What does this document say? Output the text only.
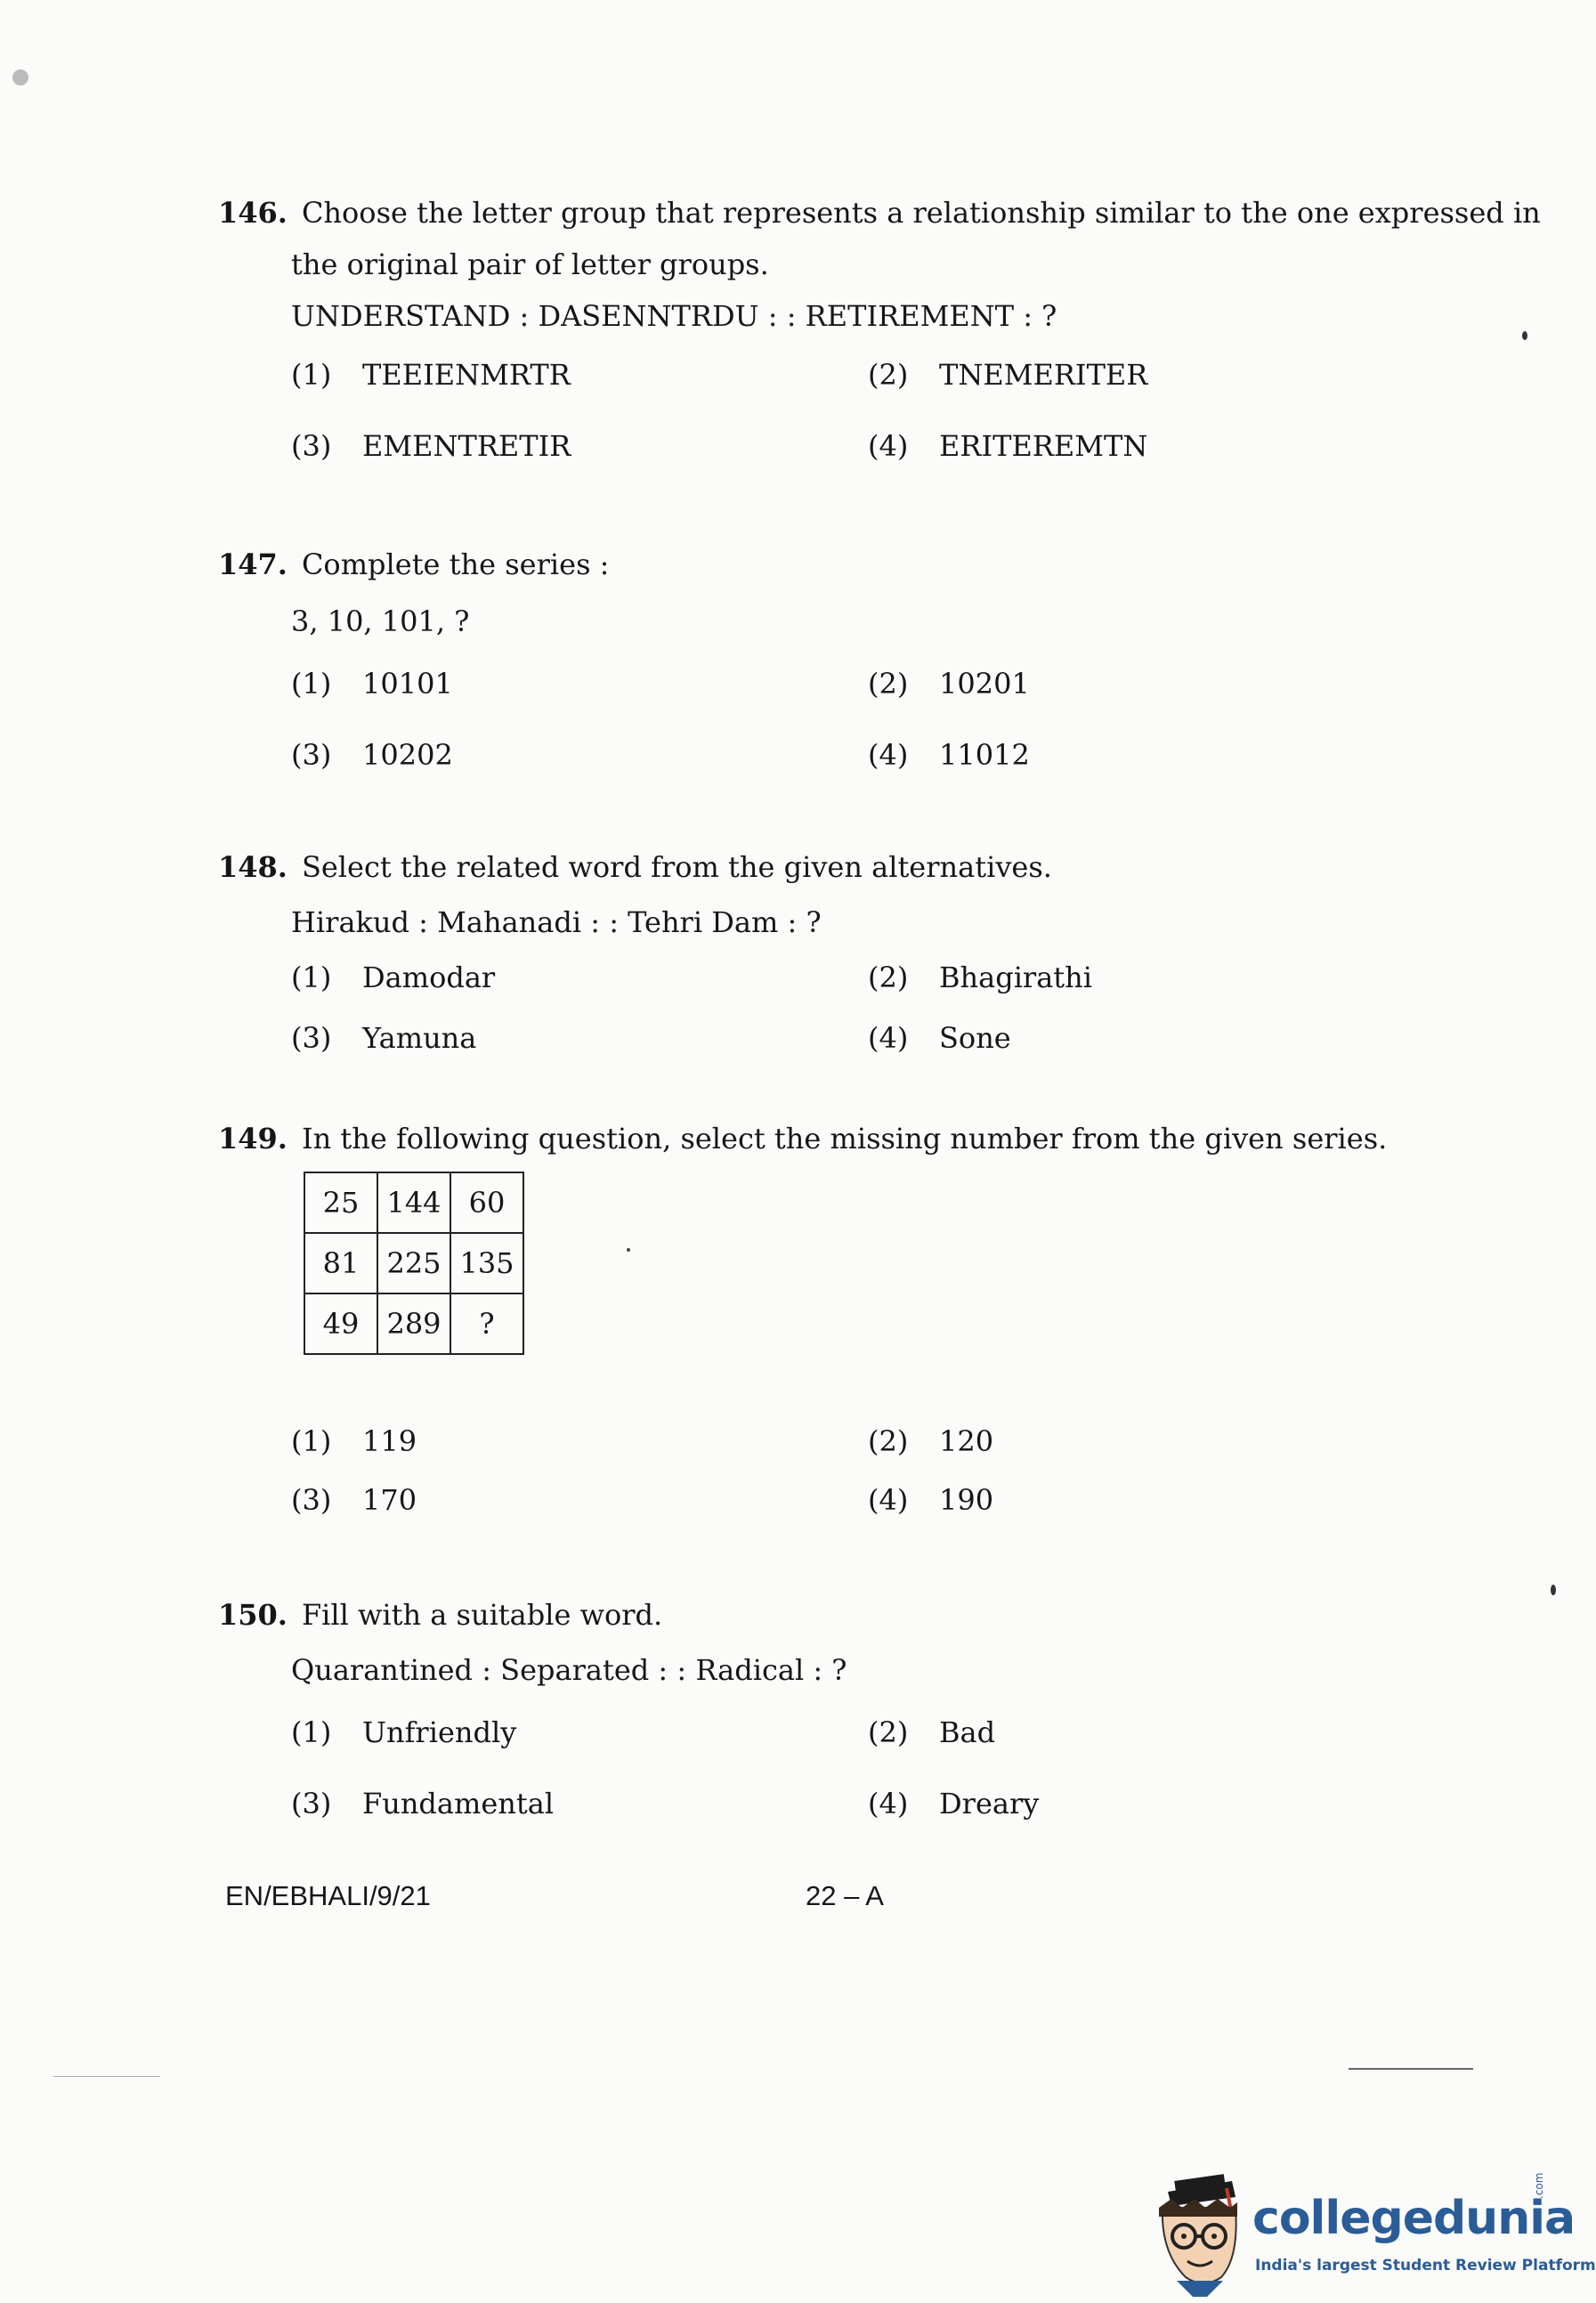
146. Choose the letter group that represents a relationship similar to the one expressed in
the original pair of letter groups.
UNDERSTAND : DASENNTRDU : : RETIREMENT : ?
(1) TEEIENMRTR	(2) TNEMERITER
(3) EMENTRETIR	(4) ERITEREMTN
147. Complete the series :
3, 10, 101, ?
(1) 10101	(2) 10201
(3) 10202	(4) 11012
148. Select the related word from the given alternatives.
Hirakud : Mahanadi : : Tehri Dam : ?
(1) Damodar	(2) Bhagirathi
(3) Yamuna	(4) Sone
149. In the following question, select the missing number from the given series.
25	144	60
81	225	135
49	289	?
(1) 119	(2) 120
(3) 170	(4) 190
150. Fill with a suitable word.
Quarantined : Separated : : Radical : ?
(1) Unfriendly	(2) Bad
(3) Fundamental	(4) Dreary
EN/EBHALI/9/21	22 – A
collegedunia
India's largest Student Review Platform
.com
